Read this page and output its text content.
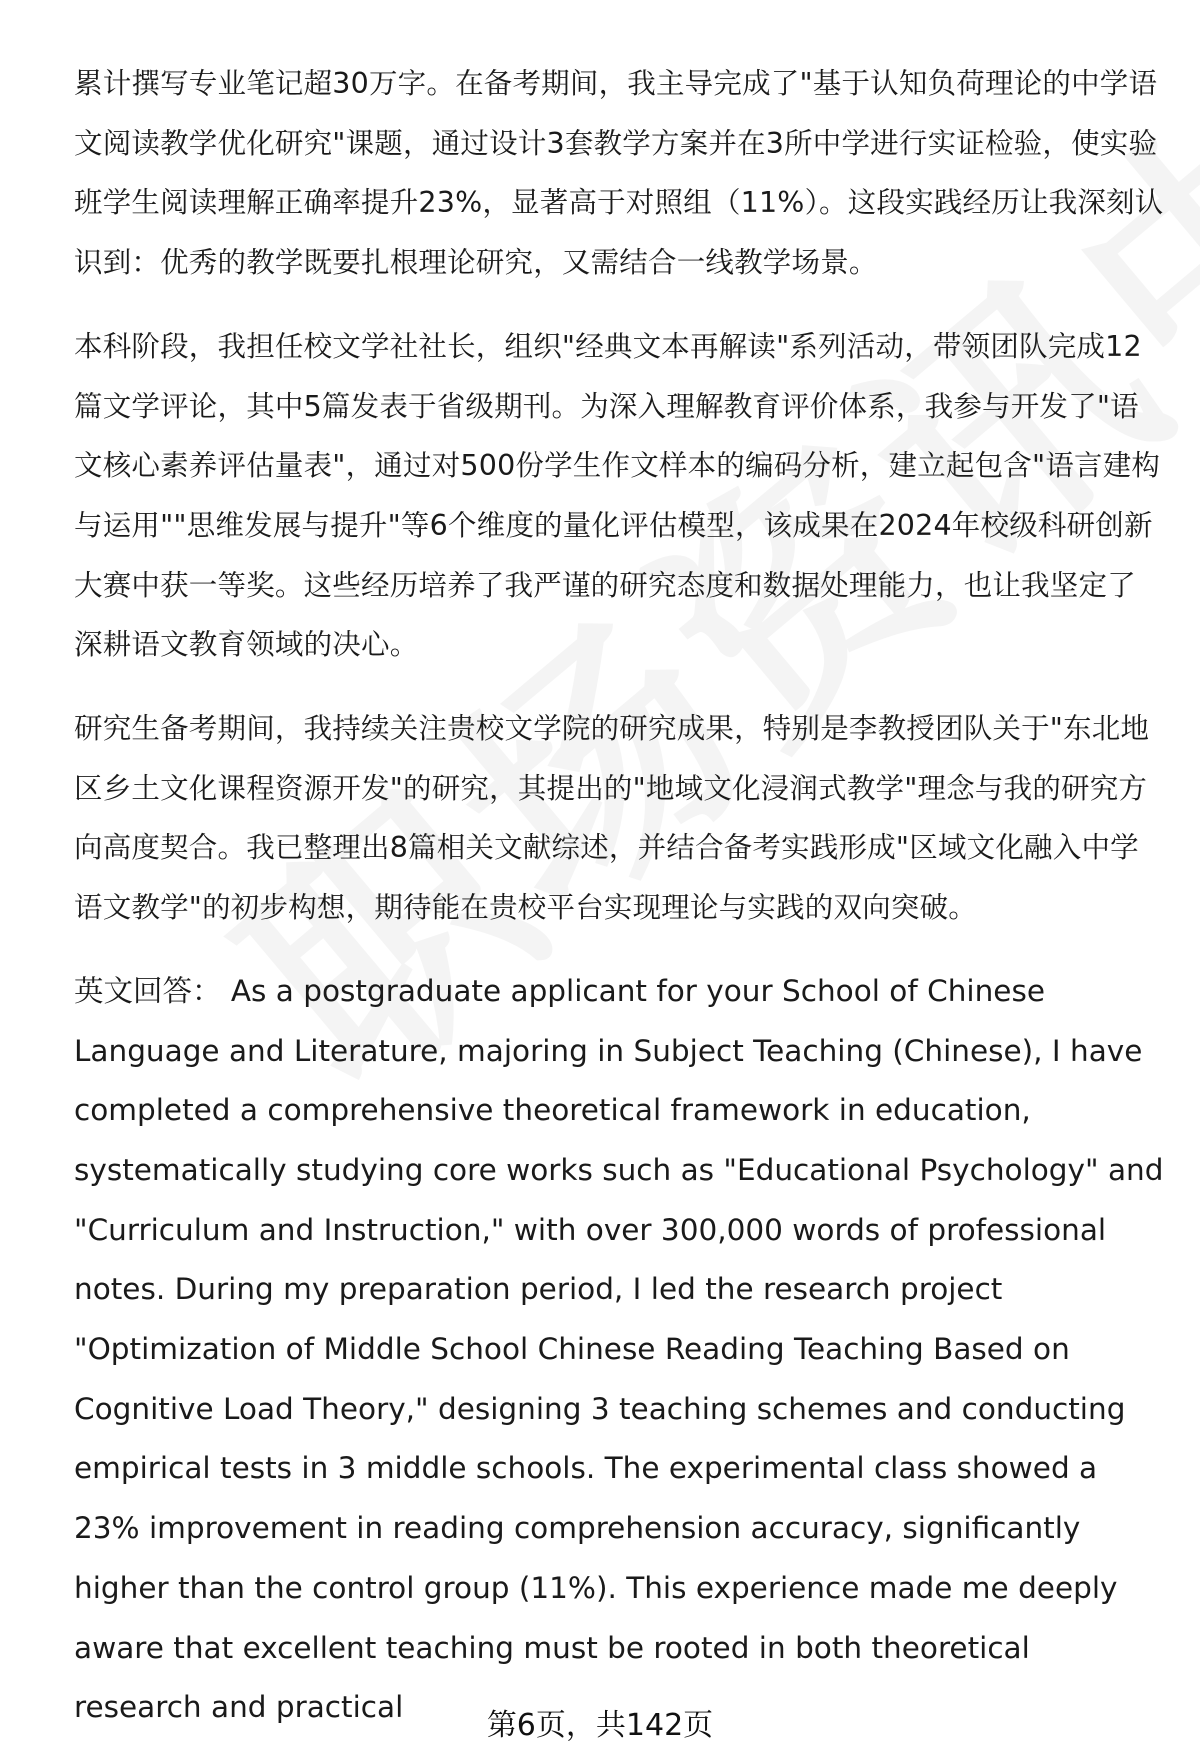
累计撰写专业笔记超30万字。在备考期间，我主导完成了"基于认知负荷理论的中学语文阅读教学优化研究"课题，通过设计3套教学方案并在3所中学进行实证检验，使实验班学生阅读理解正确率提升23%，显著高于对照组（11%）。这段实践经历让我深刻认识到：优秀的教学既要扎根理论研究，又需结合一线教学场景。

本科阶段，我担任校文学社社长，组织"经典文本再解读"系列活动，带领团队完成12篇文学评论，其中5篇发表于省级期刊。为深入理解教育评价体系，我参与开发了"语文核心素养评估量表"，通过对500份学生作文样本的编码分析，建立起包含"语言建构与运用""思维发展与提升"等6个维度的量化评估模型，该成果在2024年校级科研创新大赛中获一等奖。这些经历培养了我严谨的研究态度和数据处理能力，也让我坚定了深耕语文教育领域的决心。

研究生备考期间，我持续关注贵校文学院的研究成果，特别是李教授团队关于"东北地区乡土文化课程资源开发"的研究，其提出的"地域文化浸润式教学"理念与我的研究方向高度契合。我已整理出8篇相关文献综述，并结合备考实践形成"区域文化融入中学语文教学"的初步构想，期待能在贵校平台实现理论与实践的双向突破。

英文回答： As a postgraduate applicant for your School of Chinese Language and Literature, majoring in Subject Teaching (Chinese), I have completed a comprehensive theoretical framework in education, systematically studying core works such as "Educational Psychology" and "Curriculum and Instruction," with over 300,000 words of professional notes. During my preparation period, I led the research project "Optimization of Middle School Chinese Reading Teaching Based on Cognitive Load Theory," designing 3 teaching schemes and conducting empirical tests in 3 middle schools. The experimental class showed a 23% improvement in reading comprehension accuracy, significantly higher than the control group (11%). This experience made me deeply aware that excellent teaching must be rooted in both theoretical research and practical

第6页，共142页
